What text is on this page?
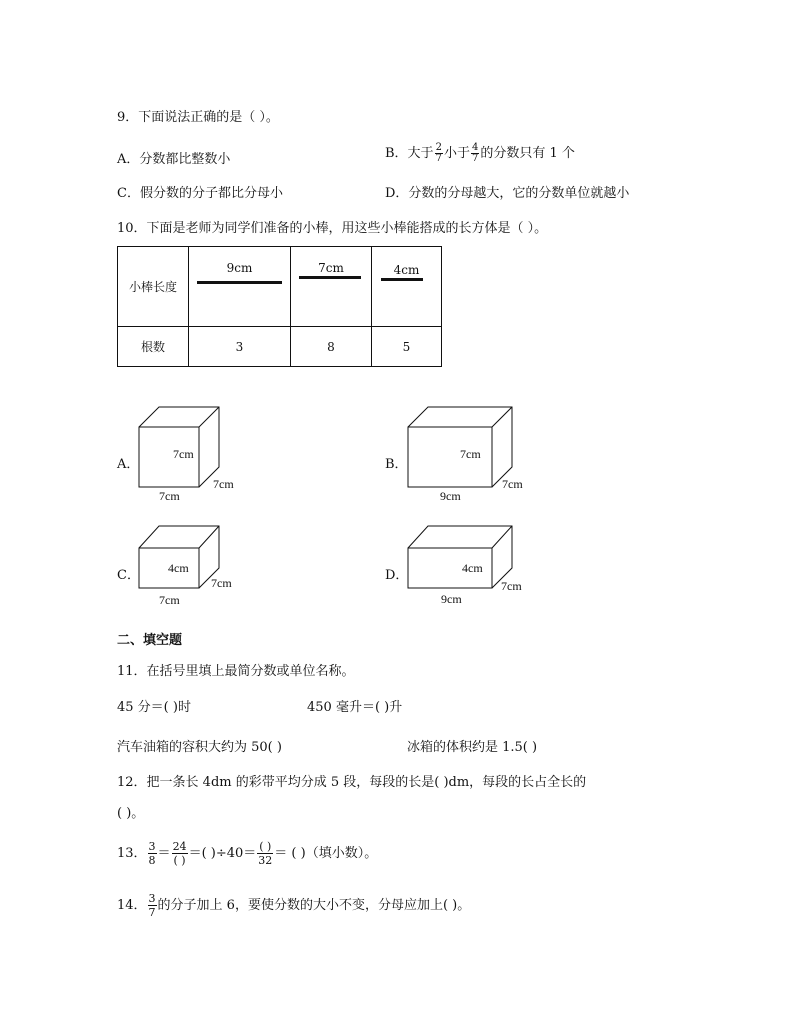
9．下面说法正确的是（ ）。
A．分数都比整数小	B．大于 $\frac{2}{7}$ 小于 $\frac{4}{7}$ 的分数只有 1 个
C．假分数的分子都比分母小	D．分数的分母越大，它的分数单位就越小
10．下面是老师为同学们准备的小棒，用这些小棒能搭成的长方体是（ ）。
小棒长度	9cm	7cm	4cm

根数	3	8	5
A．
7cm
7cm
7cm
B．
7cm
9cm
7cm
C． 4cm
7cm
7cm	D．	4cm
9cm
7cm
二、填空题
11．在括号里填上最简分数或单位名称。
45 分＝( )时	450 毫升＝( )升
汽车油箱的容积大约为 50( )	冰箱的体积约是 1.5( )
12．把一条长 4dm 的彩带平均分成 5 段，每段的长是( )dm，每段的长占全长的
( )。
13． $\frac{3}{8} = \frac{24}{( )}$ ＝( )$\div 40= \frac{( )}{32}$ ＝ ( )（填小数）。
14． $\frac{3}{7}$ 的分子加上 6，要使分数的大小不变，分母应加上( )。
